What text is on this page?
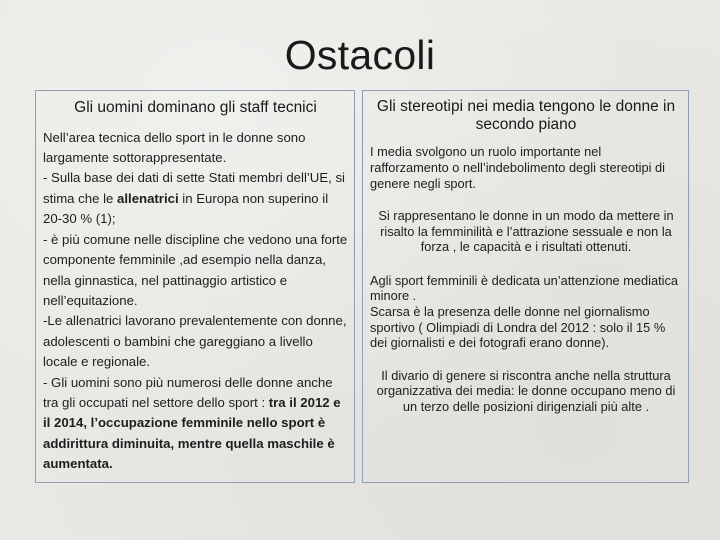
Ostacoli
Gli uomini dominano gli staff tecnici

Nell’area tecnica dello sport in le donne sono largamente sottorappresentate.

- Sulla base dei dati di sette Stati membri dell’UE, si stima che le allenatrici in Europa non superino il 20-30 % (1);

- è più comune nelle discipline che vedono una forte componente femminile ,ad esempio nella danza, nella ginnastica, nel pattinaggio artistico e nell’equitazione.

-Le allenatrici lavorano prevalentemente con donne, adolescenti o bambini che gareggiano a livello locale e regionale.

- Gli uomini sono più numerosi delle donne anche tra gli occupati nel settore dello sport : tra il 2012 e il 2014, l’occupazione femminile nello sport è addirittura diminuita, mentre quella maschile è aumentata.

Gli stereotipi nei media tengono le donne in secondo piano

I media svolgono un ruolo importante nel rafforzamento o nell’indebolimento degli stereotipi di genere negli sport.

Si rappresentano le donne in un modo da mettere in risalto la femminilità e l’attrazione sessuale e non la forza , le capacità e i risultati ottenuti.

Agli sport femminili è dedicata un’attenzione mediatica minore .

Scarsa è la presenza delle donne nel giornalismo sportivo ( Olimpiadi di Londra del 2012 : solo il 15 % dei giornalisti e dei fotografi erano donne).

Il divario di genere si riscontra anche nella struttura organizzativa dei media: le donne occupano meno di un terzo delle posizioni dirigenziali più alte .
